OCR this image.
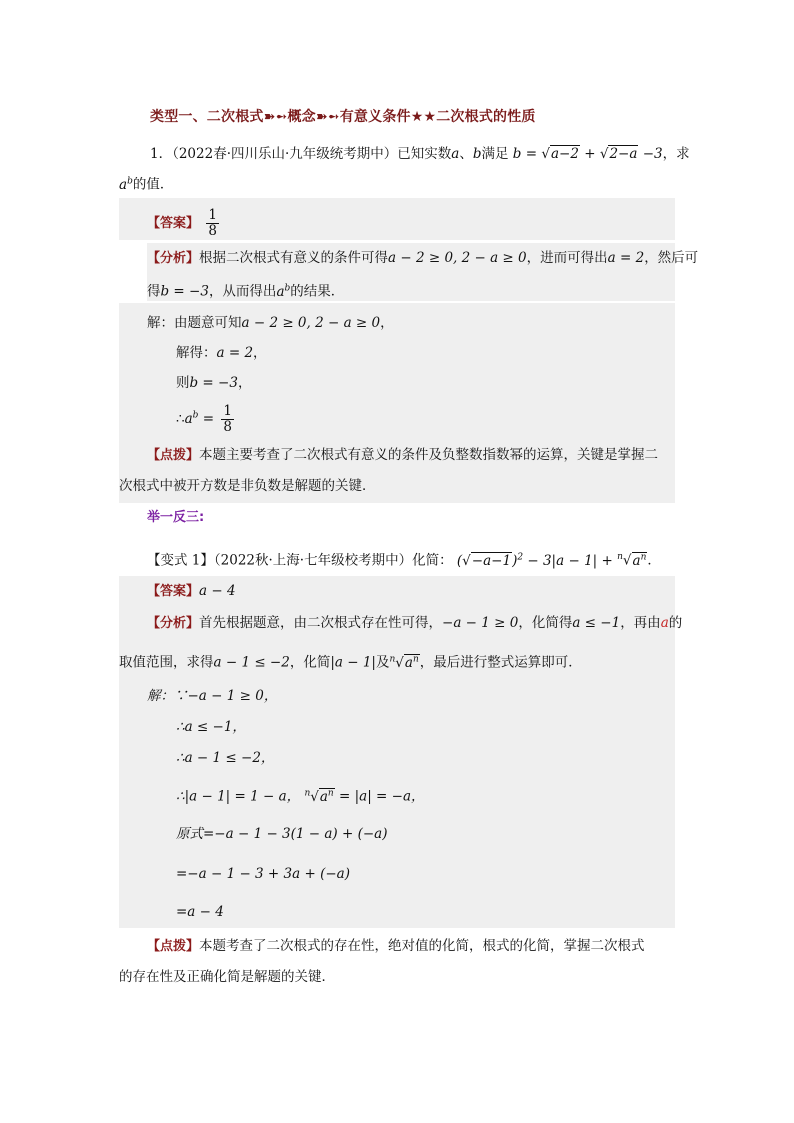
类型一、二次根式➽➻概念➽➻有意义条件★★二次根式的性质
1．（2022春·四川乐山·九年级统考期中）已知实数a、b满足 b = √a−2 + √2−a −3，求
$a^b$的值．
【答案】 $\frac{1}{8}$
【分析】根据二次根式有意义的条件可得a − 2 ≥ 0, 2 − a ≥ 0，进而可得出a = 2，然后可
得b = −3，从而得出$a^b$的结果．
解：由题意可知a − 2 ≥ 0, 2 − a ≥ 0，
解得：a = 2，
则b = −3，
$\therefore a^b = \frac{1}{8}$
【点拨】本题主要考查了二次根式有意义的条件及负整数指数幂的运算，关键是掌握二
次根式中被开方数是非负数是解题的关键．
举一反三:
【变式 1】（2022秋·上海·七年级校考期中）化简： $(√-a-1)^2 - 3|a - 1| + ^n√a^n$．
【答案】a − 4
【分析】首先根据题意，由二次根式存在性可得，−a − 1 ≥ 0，化简得a ≤ −1，再由a的
取值范围，求得a − 1 ≤ −2，化简|a − 1|及$^n√a^n$，最后进行整式运算即可．
解：∵−a − 1 ≥ 0，
∴a ≤ −1，
∴a − 1 ≤ −2，
∴|a − 1| = 1 − a， $^n√a^n = |a| = -a$，
原式=−a − 1 − 3(1 − a) + (−a)
=−a − 1 − 3 + 3a + (−a)
=a − 4
【点拨】本题考查了二次根式的存在性，绝对值的化简，根式的化简，掌握二次根式
的存在性及正确化简是解题的关键．
